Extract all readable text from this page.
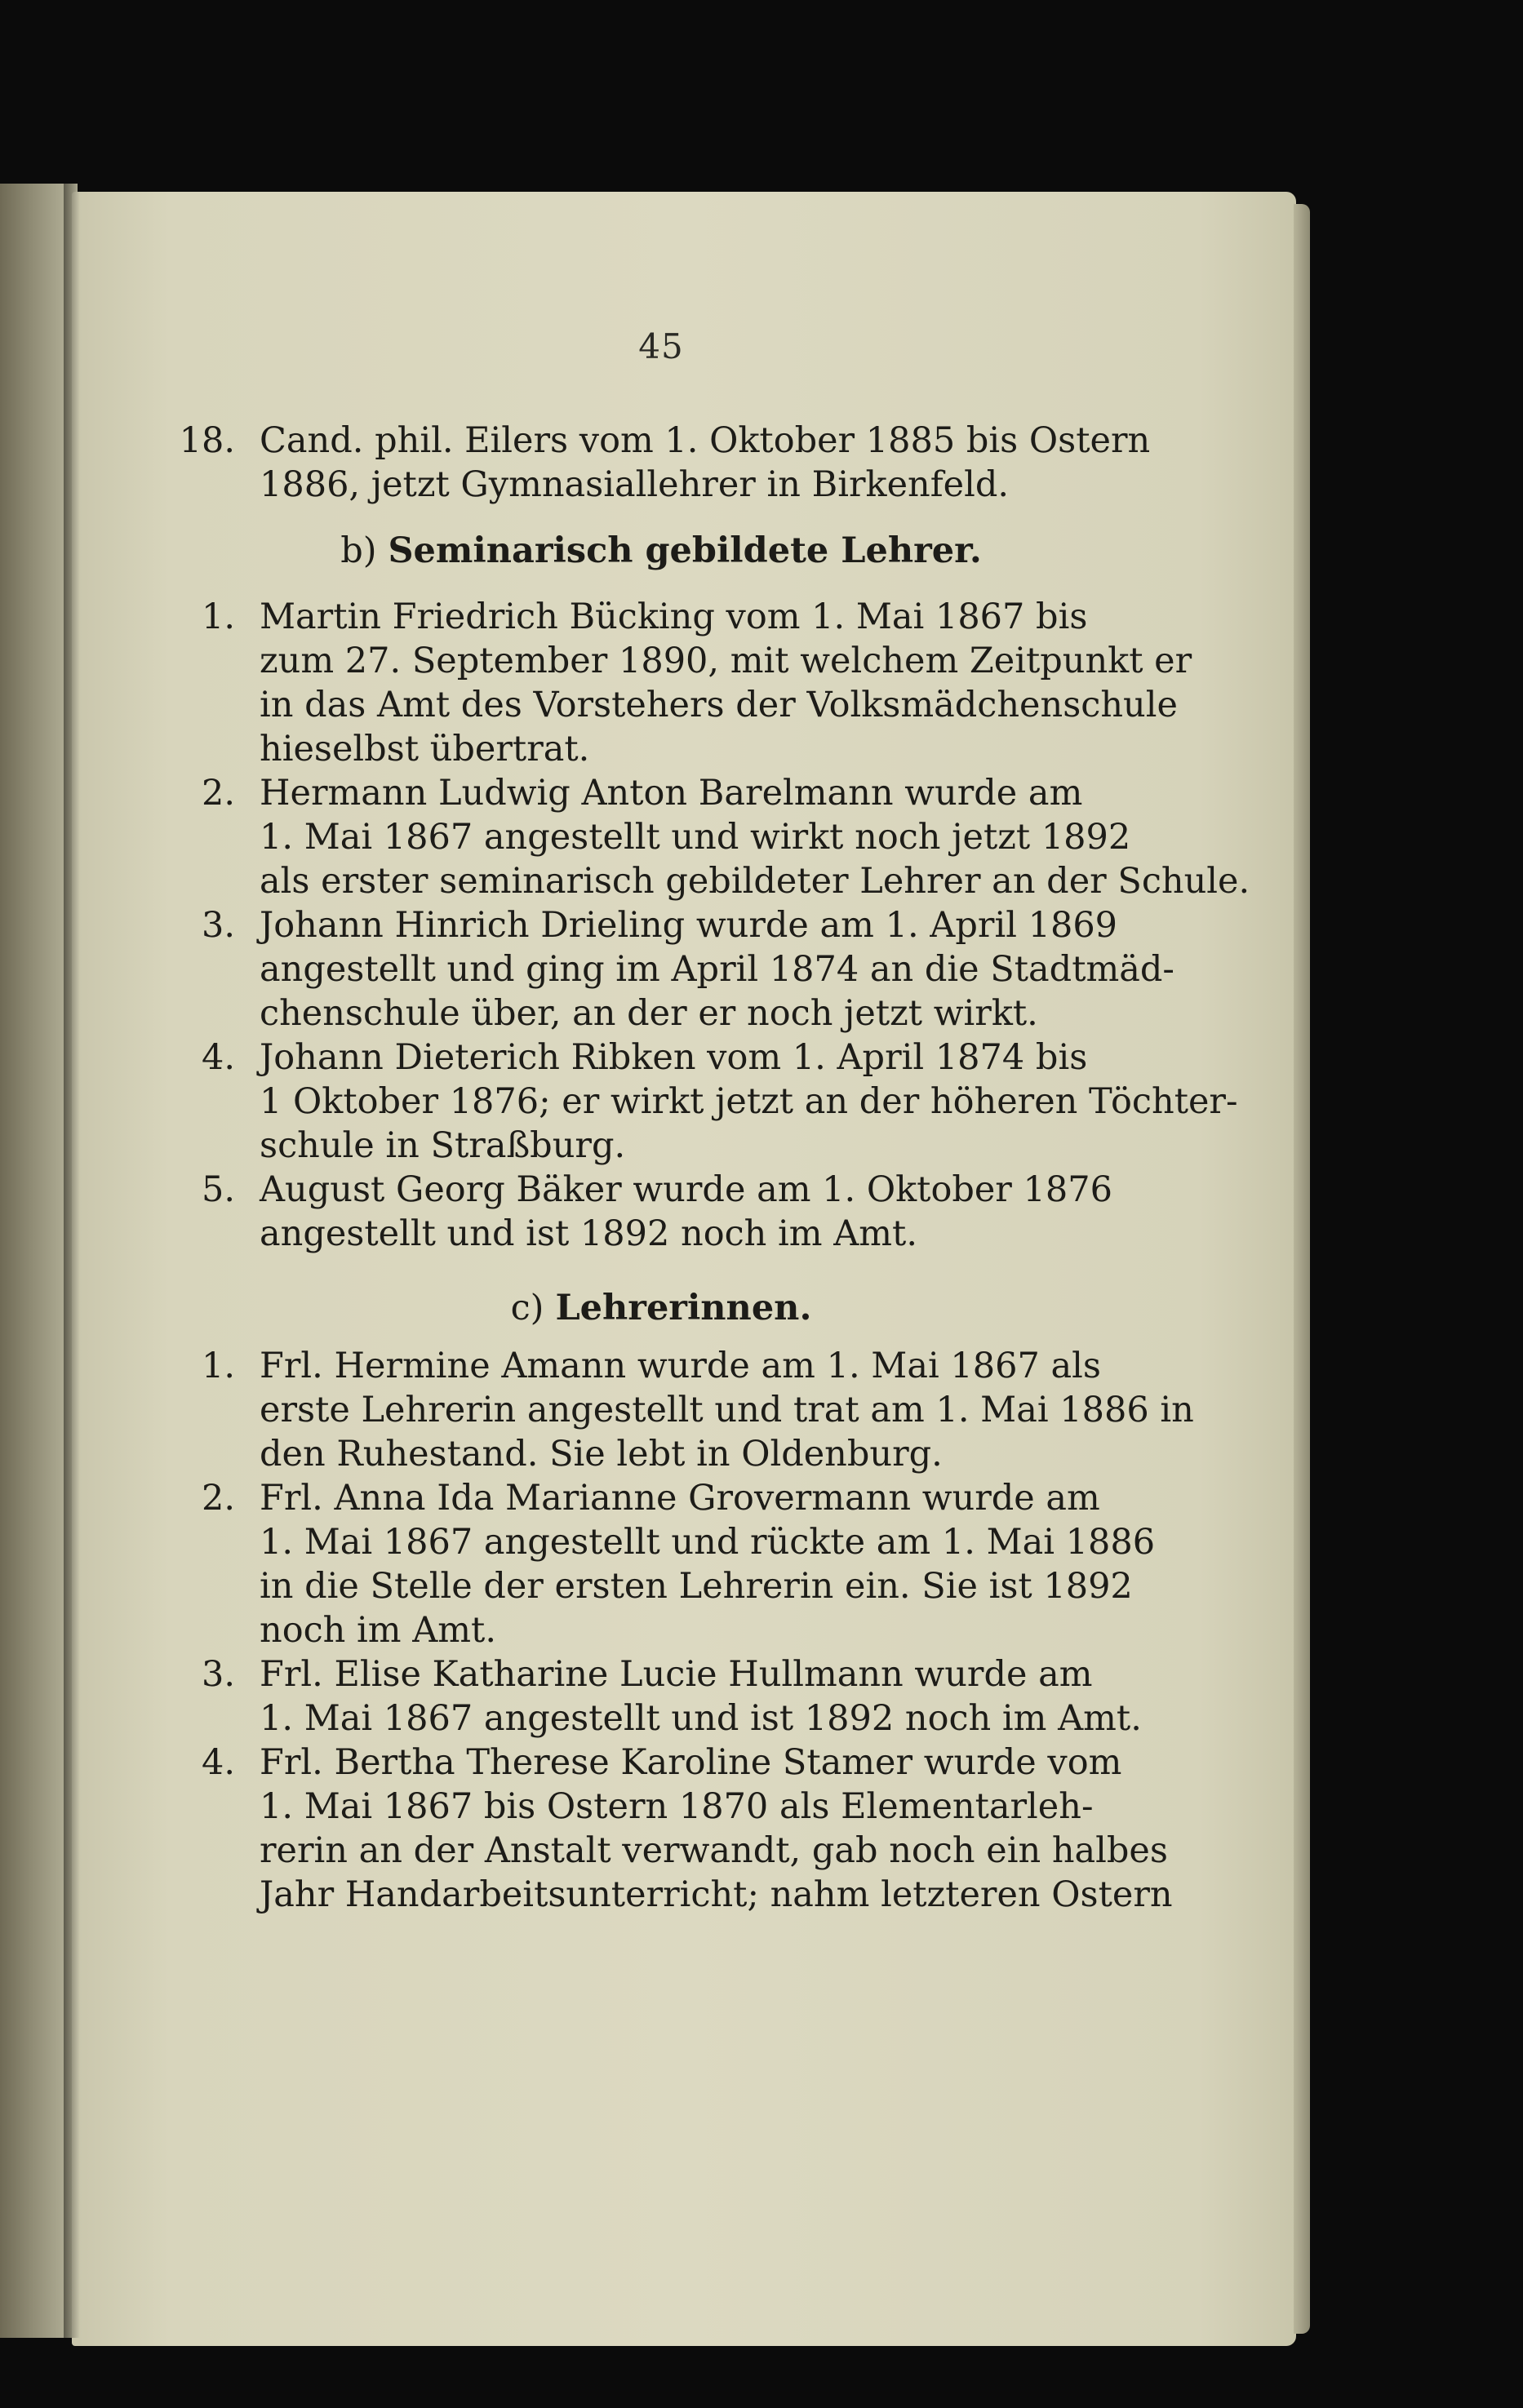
45
18. Cand. phil. Eilers vom 1. Oktober 1885 bis Ostern
1886, jetzt Gymnasiallehrer in Birkenfeld.
b) Seminarisch gebildete Lehrer.
1. Martin Friedrich Bücking vom 1. Mai 1867 bis
zum 27. September 1890, mit welchem Zeitpunkt er
in das Amt des Vorstehers der Volksmädchenschule
hieselbst übertrat.
2. Hermann Ludwig Anton Barelmann wurde am
1. Mai 1867 angestellt und wirkt noch jetzt 1892
als erster seminarisch gebildeter Lehrer an der Schule.
3. Johann Hinrich Drieling wurde am 1. April 1869
angestellt und ging im April 1874 an die Stadtmäd-
chenschule über, an der er noch jetzt wirkt.
4. Johann Dieterich Ribken vom 1. April 1874 bis
1 Oktober 1876; er wirkt jetzt an der höheren Töchter-
schule in Straßburg.
5. August Georg Bäker wurde am 1. Oktober 1876
angestellt und ist 1892 noch im Amt.
c) Lehrerinnen.
1. Frl. Hermine Amann wurde am 1. Mai 1867 als
erste Lehrerin angestellt und trat am 1. Mai 1886 in
den Ruhestand. Sie lebt in Oldenburg.
2. Frl. Anna Ida Marianne Grovermann wurde am
1. Mai 1867 angestellt und rückte am 1. Mai 1886
in die Stelle der ersten Lehrerin ein. Sie ist 1892
noch im Amt.
3. Frl. Elise Katharine Lucie Hullmann wurde am
1. Mai 1867 angestellt und ist 1892 noch im Amt.
4. Frl. Bertha Therese Karoline Stamer wurde vom
1. Mai 1867 bis Ostern 1870 als Elementarleh-
rerin an der Anstalt verwandt, gab noch ein halbes
Jahr Handarbeitsunterricht; nahm letzteren Ostern
